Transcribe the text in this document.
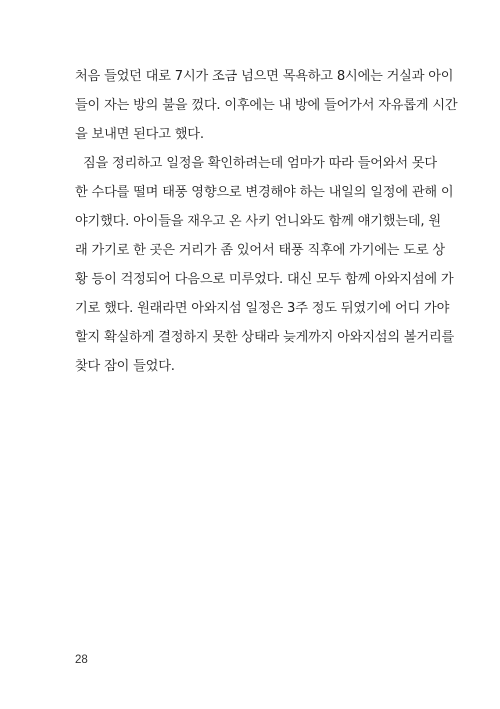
처음 들었던 대로 7시가 조금 넘으면 목욕하고 8시에는 거실과 아이
들이 자는 방의 불을 껐다. 이후에는 내 방에 들어가서 자유롭게 시간
을 보내면 된다고 했다.
짐을 정리하고 일정을 확인하려는데 엄마가 따라 들어와서 못다
한 수다를 떨며 태풍 영향으로 변경해야 하는 내일의 일정에 관해 이
야기했다. 아이들을 재우고 온 사키 언니와도 함께 얘기했는데, 원
래 가기로 한 곳은 거리가 좀 있어서 태풍 직후에 가기에는 도로 상
황 등이 걱정되어 다음으로 미루었다. 대신 모두 함께 아와지섬에 가
기로 했다. 원래라면 아와지섬 일정은 3주 정도 뒤였기에 어디 가야
할지 확실하게 결정하지 못한 상태라 늦게까지 아와지섬의 볼거리를
찾다 잠이 들었다.
28
